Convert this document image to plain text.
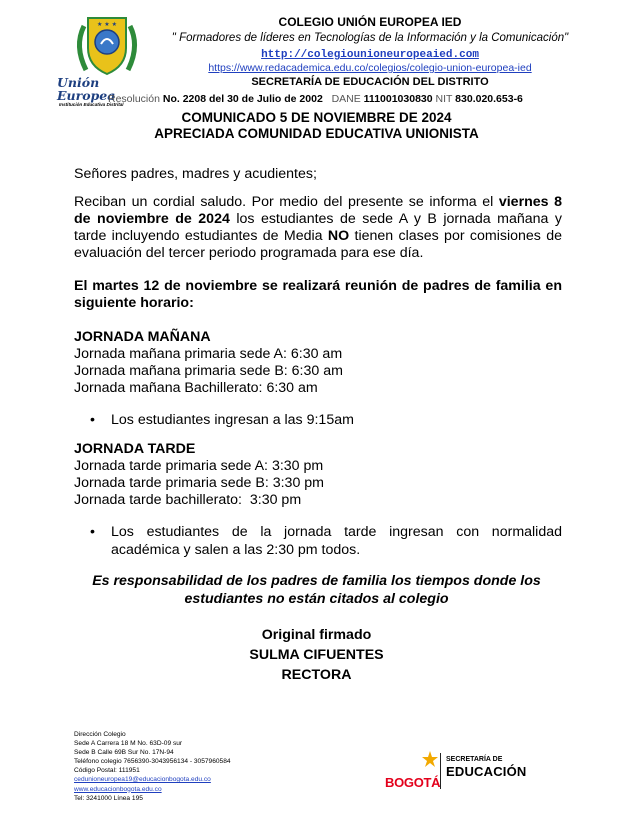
★ ★ ★
Unión Europea
Institución Educativa Distrital
COLEGIO UNIÓN EUROPEA IED
" Formadores de líderes en Tecnologías de la Información y la Comunicación"
http://colegiounioneuropeaied.com
https://www.redacademica.edu.co/colegios/colegio-union-europea-ied
SECRETARÍA DE EDUCACIÓN DEL DISTRITO
Resolución No. 2208 del 30 de Julio de 2002 DANE 111001030830 NIT 830.020.653-6
COMUNICADO 5 DE NOVIEMBRE DE 2024
APRECIADA COMUNIDAD EDUCATIVA UNIONISTA
Señores padres, madres y acudientes;
Reciban un cordial saludo. Por medio del presente se informa el viernes 8 de noviembre de 2024 los estudiantes de sede A y B jornada mañana y tarde incluyendo estudiantes de Media NO tienen clases por comisiones de evaluación del tercer periodo programada para ese día.
El martes 12 de noviembre se realizará reunión de padres de familia en siguiente horario:
JORNADA MAÑANA
Jornada mañana primaria sede A: 6:30 am
Jornada mañana primaria sede B: 6:30 am
Jornada mañana Bachillerato: 6:30 am
•	Los estudiantes ingresan a las 9:15am
JORNADA TARDE
Jornada tarde primaria sede A: 3:30 pm
Jornada tarde primaria sede B: 3:30 pm
Jornada tarde bachillerato:  3:30 pm
•	Los estudiantes de la jornada tarde ingresan con normalidad académica y salen a las 2:30 pm todos.
Es responsabilidad de los padres de familia los tiempos donde los estudiantes no están citados al colegio
Original firmado
SULMA CIFUENTES
RECTORA
Dirección Colegio
Sede A Carrera 18 M No. 63D-09 sur
Sede B Calle 69B Sur No. 17N-94
Teléfono colegio 7656390-3043956134 - 3057960584
Código Postal: 111951
cedunioneuropea19@educacionbogota.edu.co
www.educacionbogota.edu.co
Tel: 3241000 Línea 195
BOGOTÁ
SECRETARÍA DE
EDUCACIÓN
